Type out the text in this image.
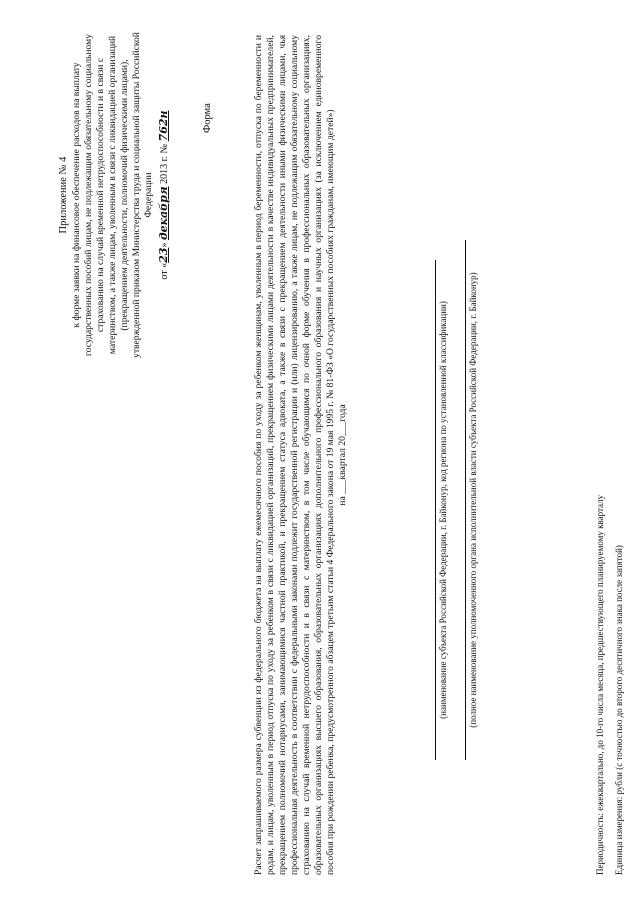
Приложение № 4 к форме заявки на финансовое обеспечение расходов на выплату государственных пособий лицам, не подлежащим обязательному социальному страхованию на случай временной нетрудоспособности и в связи с материнством, а также лицам, уволенным в связи с ликвидацией организаций (прекращением деятельности, полномочий физическими лицами), утвержденной приказом Министерства труда и социальной защиты Российской Федерации
от «23» декабря 2013 г. № 762н	Форма	Расчет запрашиваемого размера субвенции из федерального бюджета на выплату ежемесячного пособия по уходу за ребенком женщинам, уволенным в период беременности, отпуска по беременности и родам, и лицам, уволенным в период отпуска по уходу за ребенком в связи с ликвидацией организаций, прекращением физическими лицами деятельности в качестве индивидуальных предпринимателей, прекращением полномочий нотариусами, занимающимися частной практикой, и прекращением статуса адвоката, а также в связи с прекращением деятельности иными физическими лицами, чья профессиональная деятельность в соответствии с федеральными законами подлежит государственной регистрации и (или) лицензированию, а также лицам, не подлежащим обязательному социальному страхованию на случай временной нетрудоспособности и в связи с материнством, в том числе обучающимся по очной форме обучения в профессиональных образовательных организациях, образовательных организациях высшего образования, образовательных организациях дополнительного профессионального образования и научных организациях (за исключением единовременного пособия при рождении ребенка, предусмотренного абзацем третьим статьи 4 Федерального закона от 19 мая 1995 г. № 81-ФЗ «О государственных пособиях гражданам, имеющим детей») на ___квартал 20___года	(наименование субъекта Российской Федерации, г. Байконур, код региона по установленной классификации) (полное наименование уполномоченного органа исполнительной власти субъекта Российской Федерации, г. Байконур)	Периодичность: ежеквартально, до 10-го числа месяца, предшествующего планируемому кварталу Единица измерения: рубли (с точностью до второго десятичного знака после запятой)
